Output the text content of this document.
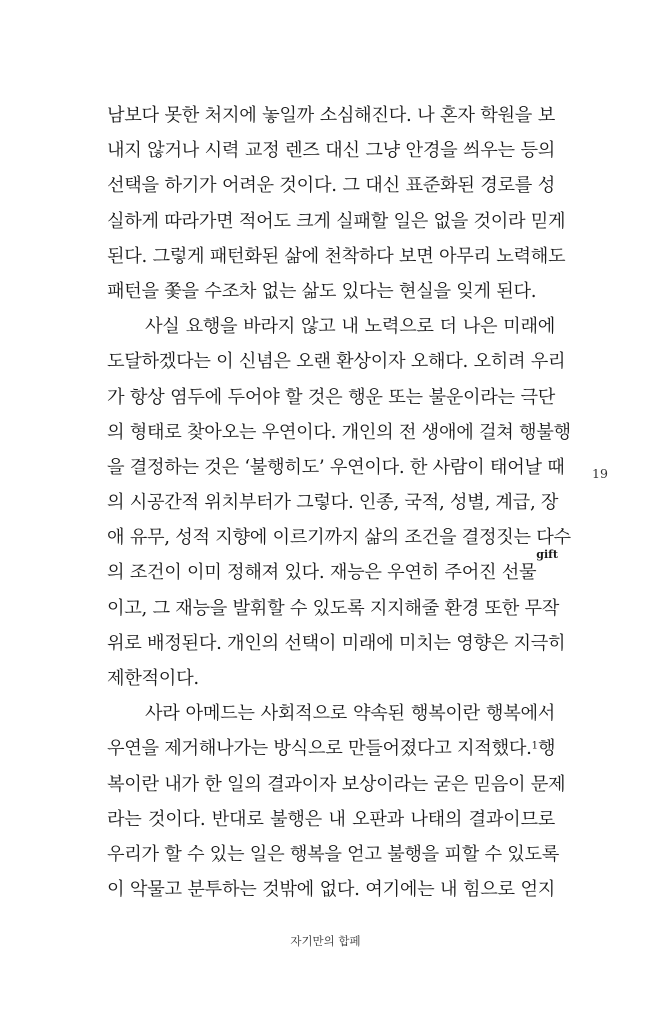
남보다 못한 처지에 놓일까 소심해진다. 나 혼자 학원을 보
내지 않거나 시력 교정 렌즈 대신 그냥 안경을 씌우는 등의
선택을 하기가 어려운 것이다. 그 대신 표준화된 경로를 성
실하게 따라가면 적어도 크게 실패할 일은 없을 것이라 믿게
된다. 그렇게 패턴화된 삶에 천착하다 보면 아무리 노력해도
패턴을 쫓을 수조차 없는 삶도 있다는 현실을 잊게 된다.
사실 요행을 바라지 않고 내 노력으로 더 나은 미래에
도달하겠다는 이 신념은 오랜 환상이자 오해다. 오히려 우리
가 항상 염두에 두어야 할 것은 행운 또는 불운이라는 극단
의 형태로 찾아오는 우연이다. 개인의 전 생애에 걸쳐 행불행
을 결정하는 것은 ‘불행히도’ 우연이다. 한 사람이 태어날 때
의 시공간적 위치부터가 그렇다. 인종, 국적, 성별, 계급, 장
애 유무, 성적 지향에 이르기까지 삶의 조건을 결정짓는 다수
의 조건이 이미 정해져 있다. 재능은 우연히 주어진 선물
gift
이고, 그 재능을 발휘할 수 있도록 지지해줄 환경 또한 무작
위로 배정된다. 개인의 선택이 미래에 미치는 영향은 지극히
제한적이다.
사라 아메드는 사회적으로 약속된 행복이란 행복에서
우연을 제거해나가는 방식으로 만들어졌다고 지적했다.$^1$ 행
복이란 내가 한 일의 결과이자 보상이라는 굳은 믿음이 문제
라는 것이다. 반대로 불행은 내 오판과 나태의 결과이므로
우리가 할 수 있는 일은 행복을 얻고 불행을 피할 수 있도록
이 악물고 분투하는 것밖에 없다. 여기에는 내 힘으로 얻지
19
자기만의 합페
